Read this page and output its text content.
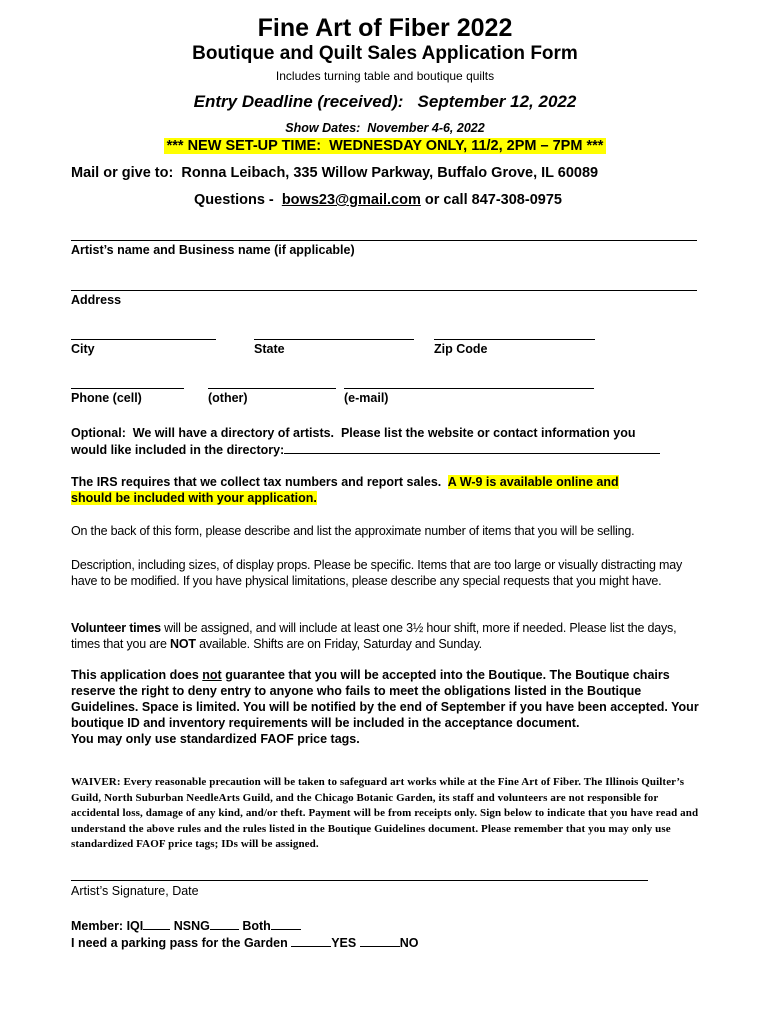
Fine Art of Fiber 2022
Boutique and Quilt Sales Application Form
Includes turning table and boutique quilts
Entry Deadline (received):   September 12, 2022
Show Dates:  November 4-6, 2022
*** NEW SET-UP TIME:  WEDNESDAY ONLY, 11/2, 2PM – 7PM ***
Mail or give to:  Ronna Leibach, 335 Willow Parkway, Buffalo Grove, IL 60089
Questions -  bows23@gmail.com or call 847-308-0975
Artist’s name and Business name (if applicable)
Address
City	State	Zip Code
Phone (cell)	(other)	(e-mail)
Optional:  We will have a directory of artists.  Please list the website or contact information you
would like included in the directory:
The IRS requires that we collect tax numbers and report sales.  A W-9 is available online and
should be included with your application.
On the back of this form, please describe and list the approximate number of items that you will be selling.
Description, including sizes, of display props. Please be specific. Items that are too large or visually distracting may have to be modified. If you have physical limitations, please describe any special requests that you might have.
Volunteer times will be assigned, and will include at least one 3½ hour shift, more if needed. Please list the days, times that you are NOT available. Shifts are on Friday, Saturday and Sunday.
This application does not guarantee that you will be accepted into the Boutique. The Boutique chairs reserve the right to deny entry to anyone who fails to meet the obligations listed in the Boutique Guidelines. Space is limited. You will be notified by the end of September if you have been accepted. Your boutique ID and inventory requirements will be included in the acceptance document.
You may only use standardized FAOF price tags.
WAIVER: Every reasonable precaution will be taken to safeguard art works while at the Fine Art of Fiber. The Illinois Quilter’s Guild, North Suburban NeedleArts Guild, and the Chicago Botanic Garden, its staff and volunteers are not responsible for accidental loss, damage of any kind, and/or theft. Payment will be from receipts only. Sign below to indicate that you have read and understand the above rules and the rules listed in the Boutique Guidelines document. Please remember that you may only use standardized FAOF price tags; IDs will be assigned.
Artist’s Signature, Date
Member: IQI NSNG Both
I need a parking pass for the Garden	YES	NO
